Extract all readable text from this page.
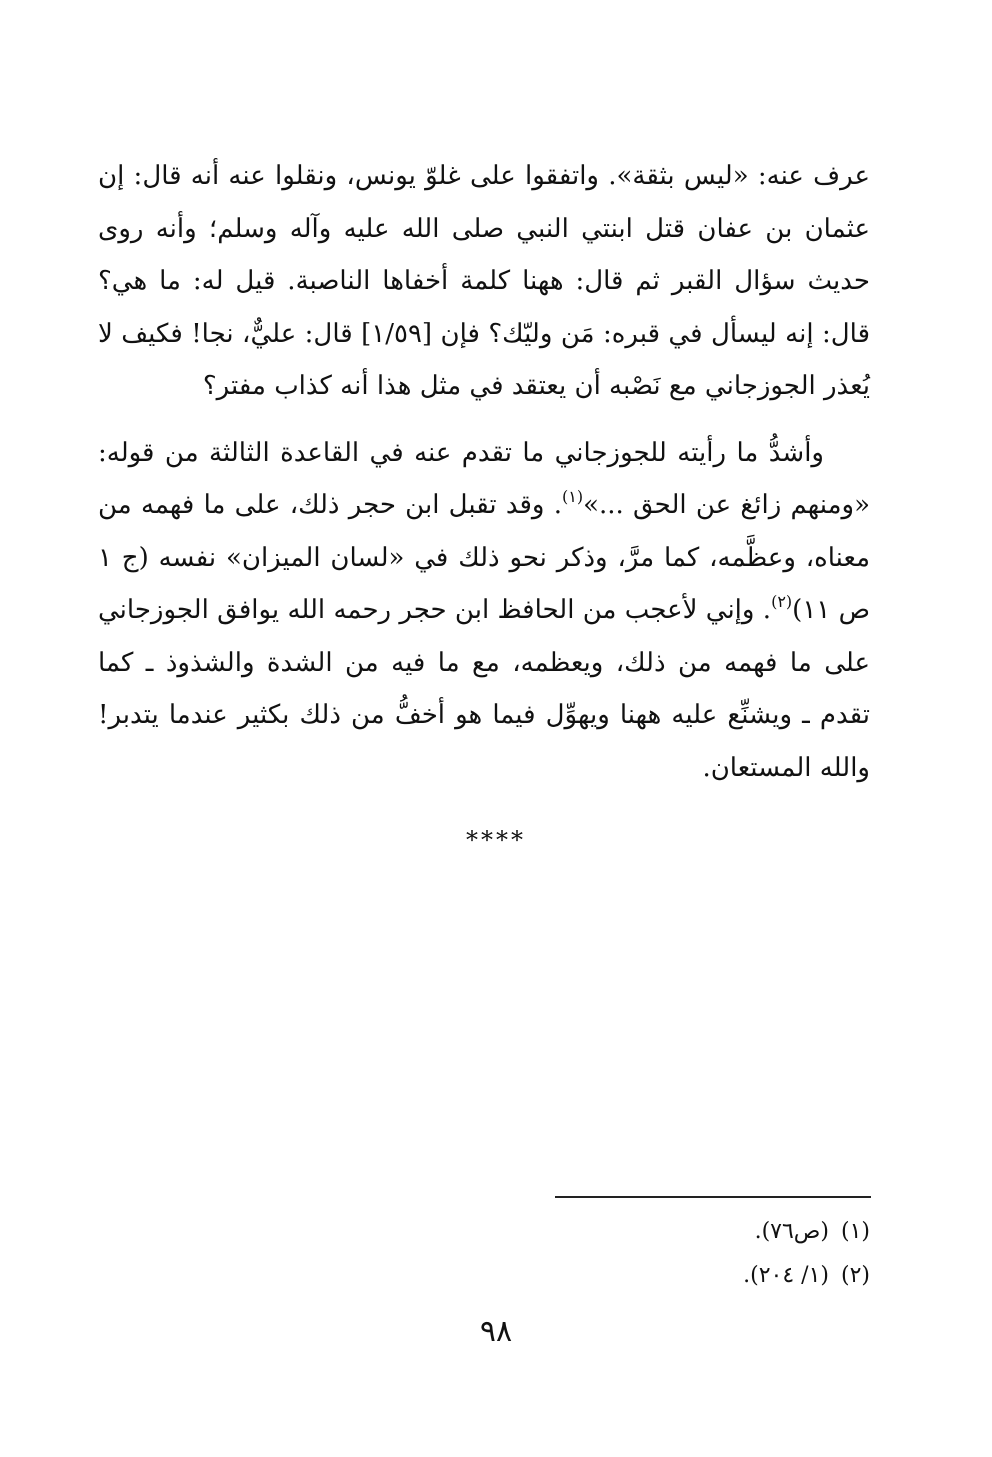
عرف عنه: «ليس بثقة». واتفقوا على غلوّ يونس، ونقلوا عنه أنه قال: إن عثمان بن عفان قتل ابنتي النبي صلى الله عليه وآله وسلم؛ وأنه روى حديث سؤال القبر ثم قال: ههنا كلمة أخفاها الناصبة. قيل له: ما هي؟ قال: إنه ليسأل في قبره: مَن وليّك؟ فإن [١/٥٩] قال: عليٌّ، نجا! فكيف لا يُعذر الجوزجاني مع نَصْبه أن يعتقد في مثل هذا أنه كذاب مفتر؟

وأشدُّ ما رأيته للجوزجاني ما تقدم عنه في القاعدة الثالثة من قوله: «ومنهم زائغ عن الحق ...»$^{(١)}$. وقد تقبل ابن حجر ذلك، على ما فهمه من معناه، وعظَّمه، كما مرَّ، وذكر نحو ذلك في «لسان الميزان» نفسه (ج ١ ص ١١)$^{(٢)}$. وإني لأعجب من الحافظ ابن حجر رحمه الله يوافق الجوزجاني على ما فهمه من ذلك، ويعظمه، مع ما فيه من الشدة والشذوذ ـ كما تقدم ـ ويشنِّع عليه ههنا ويهوِّل فيما هو أخفُّ من ذلك بكثير عندما يتدبر! والله المستعان.

****
(١)(ص٧٦).
(٢)(١/ ٢٠٤).
٩٨
